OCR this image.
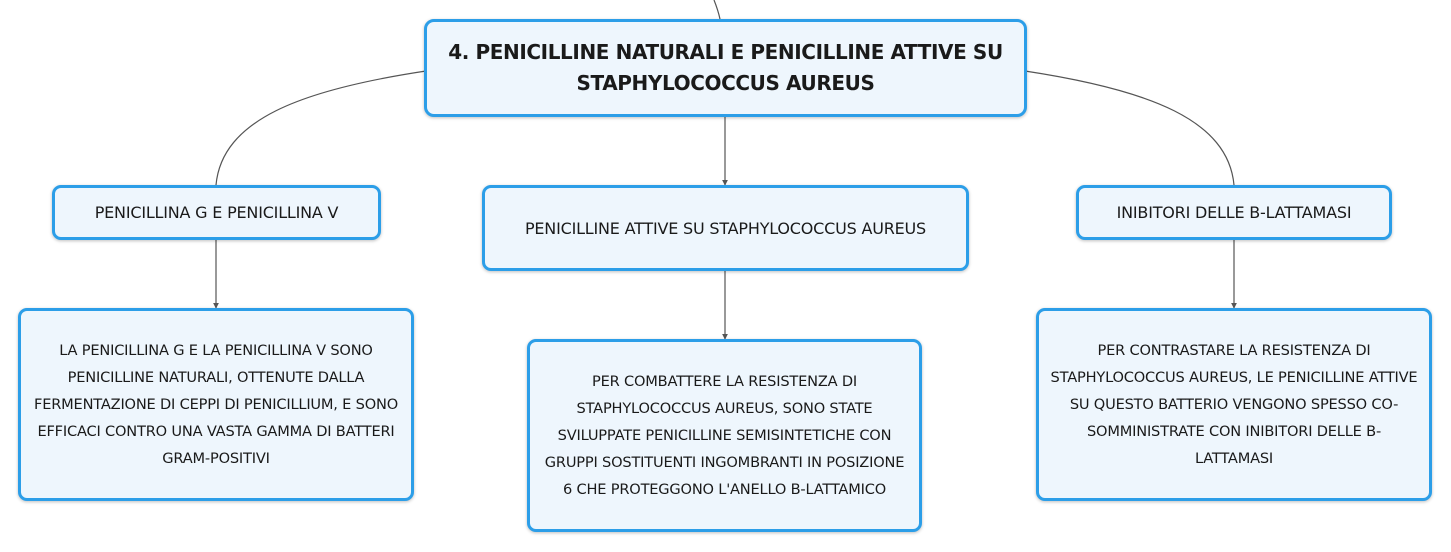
4. PENICILLINE NATURALI E PENICILLINE ATTIVE SU STAPHYLOCOCCUS AUREUS
PENICILLINA G E PENICILLINA V
PENICILLINE ATTIVE SU STAPHYLOCOCCUS AUREUS
INIBITORI DELLE B-LATTAMASI
LA PENICILLINA G E LA PENICILLINA V SONO PENICILLINE NATURALI, OTTENUTE DALLA FERMENTAZIONE DI CEPPI DI PENICILLIUM, E SONO EFFICACI CONTRO UNA VASTA GAMMA DI BATTERI GRAM-POSITIVI
PER COMBATTERE LA RESISTENZA DI STAPHYLOCOCCUS AUREUS, SONO STATE SVILUPPATE PENICILLINE SEMISINTETICHE CON GRUPPI SOSTITUENTI INGOMBRANTI IN POSIZIONE 6 CHE PROTEGGONO L'ANELLO B-LATTAMICO
PER CONTRASTARE LA RESISTENZA DI STAPHYLOCOCCUS AUREUS, LE PENICILLINE ATTIVE SU QUESTO BATTERIO VENGONO SPESSO CO-SOMMINISTRATE CON INIBITORI DELLE B-LATTAMASI
